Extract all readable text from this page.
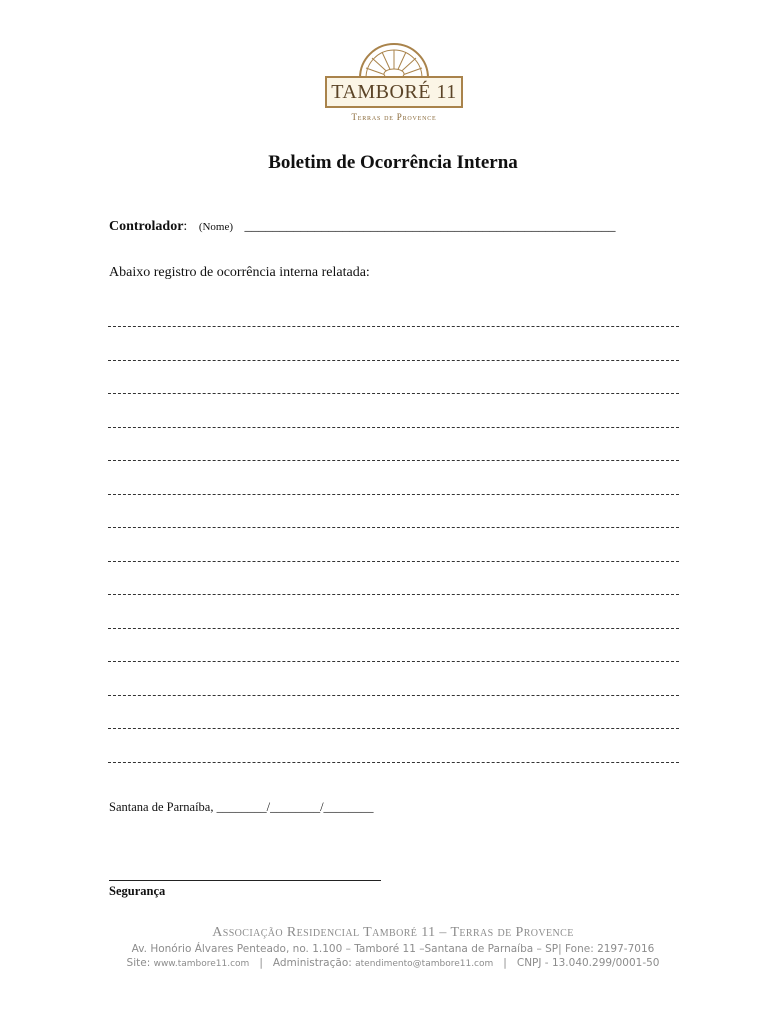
TAMBORÉ 11
Terras de Provence
Boletim de Ocorrência Interna
Controlador: (Nome) _____________________________________________________
Abaixo registro de ocorrência interna relatada:
Santana de Parnaíba, ________/________/________
Segurança
Associação Residencial Tamboré 11 – Terras de Provence
Av. Honório Álvares Penteado, no. 1.100 – Tamboré 11 –Santana de Parnaíba – SP| Fone: 2197-7016
Site: www.tambore11.com | Administração: atendimento@tambore11.com | CNPJ - 13.040.299/0001-50
